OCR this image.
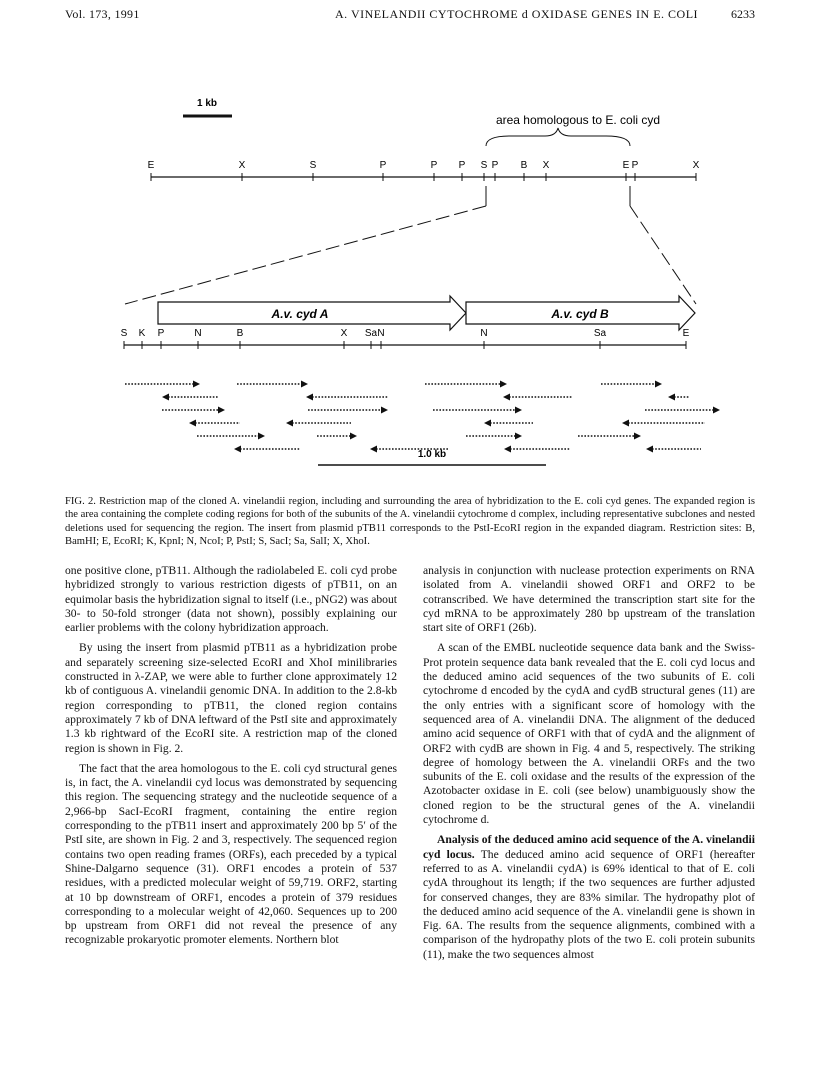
Vol. 173, 1991	A. VINELANDII CYTOCHROME d OXIDASE GENES IN E. COLI	6233
1 kb
area homologous to E. coli cyd
E	X	S	P	P P S P B X	E P	X
A.v. cyd A	A.v. cyd B
S K P	N	B	X Sa N	N	Sa	E
1.0 kb
FIG. 2. Restriction map of the cloned A. vinelandii region, including and surrounding the area of hybridization to the E. coli cyd genes. The expanded region is the area containing the complete coding regions for both of the subunits of the A. vinelandii cytochrome d complex, including representative subclones and nested deletions used for sequencing the region. The insert from plasmid pTB11 corresponds to the PstI-EcoRI region in the expanded diagram. Restriction sites: B, BamHI; E, EcoRI; K, KpnI; N, NcoI; P, PstI; S, SacI; Sa, SalI; X, XhoI.

one positive clone, pTB11. Although the radiolabeled E. coli cyd probe hybridized strongly to various restriction digests of pTB11, on an equimolar basis the hybridization signal to itself (i.e., pNG2) was about 30- to 50-fold stronger (data not shown), possibly explaining our earlier problems with the colony hybridization approach.

By using the insert from plasmid pTB11 as a hybridization probe and separately screening size-selected EcoRI and XhoI minilibraries constructed in λ-ZAP, we were able to further clone approximately 12 kb of contiguous A. vinelandii genomic DNA. In addition to the 2.8-kb region corresponding to pTB11, the cloned region contains approximately 7 kb of DNA leftward of the PstI site and approximately 1.3 kb rightward of the EcoRI site. A restriction map of the cloned region is shown in Fig. 2.

The fact that the area homologous to the E. coli cyd structural genes is, in fact, the A. vinelandii cyd locus was demonstrated by sequencing this region. The sequencing strategy and the nucleotide sequence of a 2,966-bp SacI-EcoRI fragment, containing the entire region corresponding to the pTB11 insert and approximately 200 bp 5′ of the PstI site, are shown in Fig. 2 and 3, respectively. The sequenced region contains two open reading frames (ORFs), each preceded by a typical Shine-Dalgarno sequence (31). ORF1 encodes a protein of 537 residues, with a predicted molecular weight of 59,719. ORF2, starting at 10 bp downstream of ORF1, encodes a protein of 379 residues corresponding to a molecular weight of 42,060. Sequences up to 200 bp upstream from ORF1 did not reveal the presence of any recognizable prokaryotic promoter elements. Northern blot

analysis in conjunction with nuclease protection experiments on RNA isolated from A. vinelandii showed ORF1 and ORF2 to be cotranscribed. We have determined the transcription start site for the cyd mRNA to be approximately 280 bp upstream of the translation start site of ORF1 (26b).

A scan of the EMBL nucleotide sequence data bank and the Swiss-Prot protein sequence data bank revealed that the E. coli cyd locus and the deduced amino acid sequences of the two subunits of E. coli cytochrome d encoded by the cydA and cydB structural genes (11) are the only entries with a significant score of homology with the sequenced area of A. vinelandii DNA. The alignment of the deduced amino acid sequence of ORF1 with that of cydA and the alignment of ORF2 with cydB are shown in Fig. 4 and 5, respectively. The striking degree of homology between the A. vinelandii ORFs and the two subunits of the E. coli oxidase and the results of the expression of the Azotobacter oxidase in E. coli (see below) unambiguously show the cloned region to be the structural genes of the A. vinelandii cytochrome d.

Analysis of the deduced amino acid sequence of the A. vinelandii cyd locus. The deduced amino acid sequence of ORF1 (hereafter referred to as A. vinelandii cydA) is 69% identical to that of E. coli cydA throughout its length; if the two sequences are further adjusted for conserved changes, they are 83% similar. The hydropathy plot of the deduced amino acid sequence of the A. vinelandii gene is shown in Fig. 6A. The results from the sequence alignments, combined with a comparison of the hydropathy plots of the two E. coli protein subunits (11), make the two sequences almost
